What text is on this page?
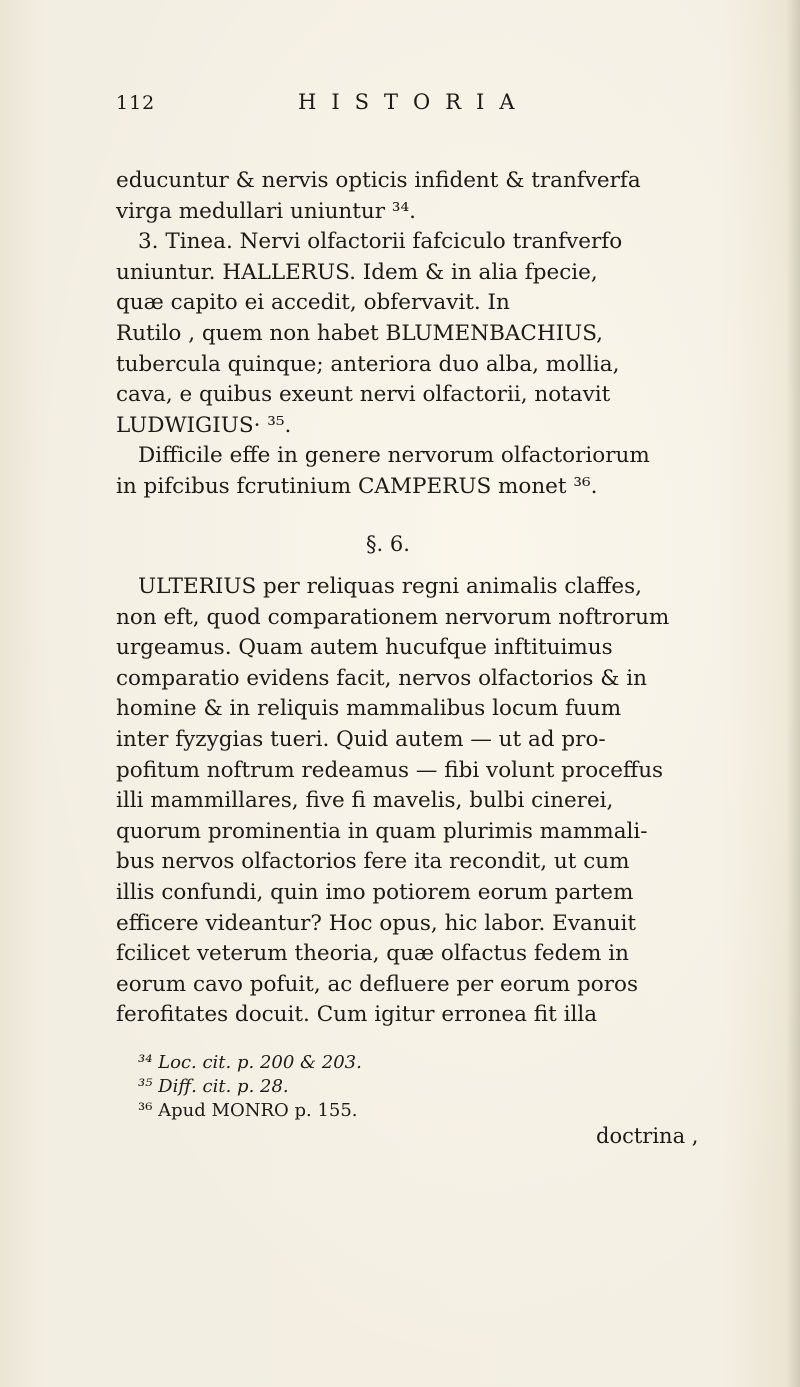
112	HISTORIA
educuntur & nervis opticis infident & tranfverfa
virga medullari uniuntur ³⁴.
3. Tinea. Nervi olfactorii fafciculo tranfverfo
uniuntur. HALLERUS. Idem & in alia fpecie,
quæ capito ei accedit, obfervavit. In
Rutilo , quem non habet BLUMENBACHIUS,
tubercula quinque; anteriora duo alba, mollia,
cava, e quibus exeunt nervi olfactorii, notavit
LUDWIGIUS· ³⁵.
Difficile effe in genere nervorum olfactoriorum
in pifcibus fcrutinium CAMPERUS monet ³⁶.
§. 6.
ULTERIUS per reliquas regni animalis claffes,
non eft, quod comparationem nervorum noftrorum
urgeamus. Quam autem hucufque inftituimus
comparatio evidens facit, nervos olfactorios & in
homine & in reliquis mammalibus locum fuum
inter fyzygias tueri. Quid autem — ut ad pro-
pofitum noftrum redeamus — fibi volunt proceffus
illi mammillares, five fi mavelis, bulbi cinerei,
quorum prominentia in quam plurimis mammali-
bus nervos olfactorios fere ita recondit, ut cum
illis confundi, quin imo potiorem eorum partem
efficere videantur? Hoc opus, hic labor. Evanuit
fcilicet veterum theoria, quæ olfactus fedem in
eorum cavo pofuit, ac defluere per eorum poros
ferofitates docuit. Cum igitur erronea fit illa
³⁴ Loc. cit. p. 200 & 203.
³⁵ Diff. cit. p. 28.
³⁶ Apud MONRO p. 155.
doctrina ,
